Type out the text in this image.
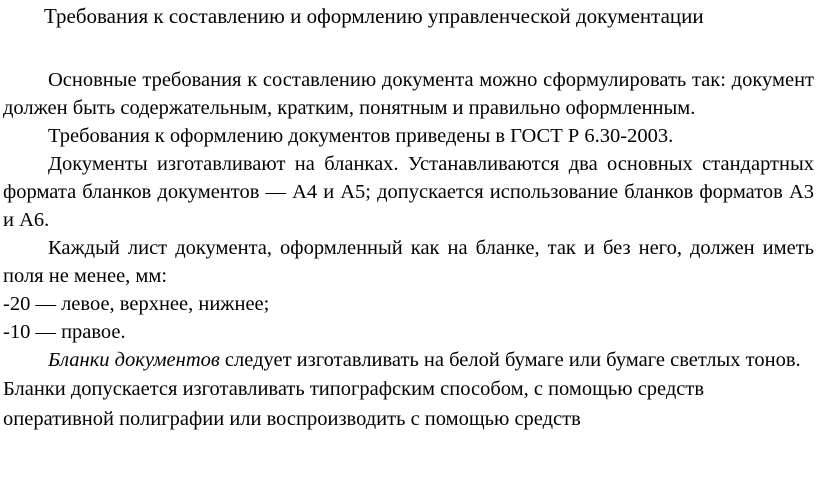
Требования к составлению и оформлению управленческой документации

Основные требования к составлению документа можно сформулировать так: документ должен быть содержательным, кратким, понятным и правильно оформленным.

Требования к оформлению документов приведены в ГОСТ Р 6.30-2003.

Документы изготавливают на бланках. Устанавливаются два основных стандартных формата бланков документов — А4 и А5; допускается использование бланков форматов А3 и А6.

Каждый лист документа, оформленный как на бланке, так и без него, должен иметь поля не менее, мм:

-20 — левое, верхнее, нижнее;

-10 — правое.

Бланки документов следует изготавливать на белой бумаге или бумаге светлых тонов.

Бланки допускается изготавливать типографским способом, с помощью средств оперативной полиграфии или воспроизводить с помощью средств
